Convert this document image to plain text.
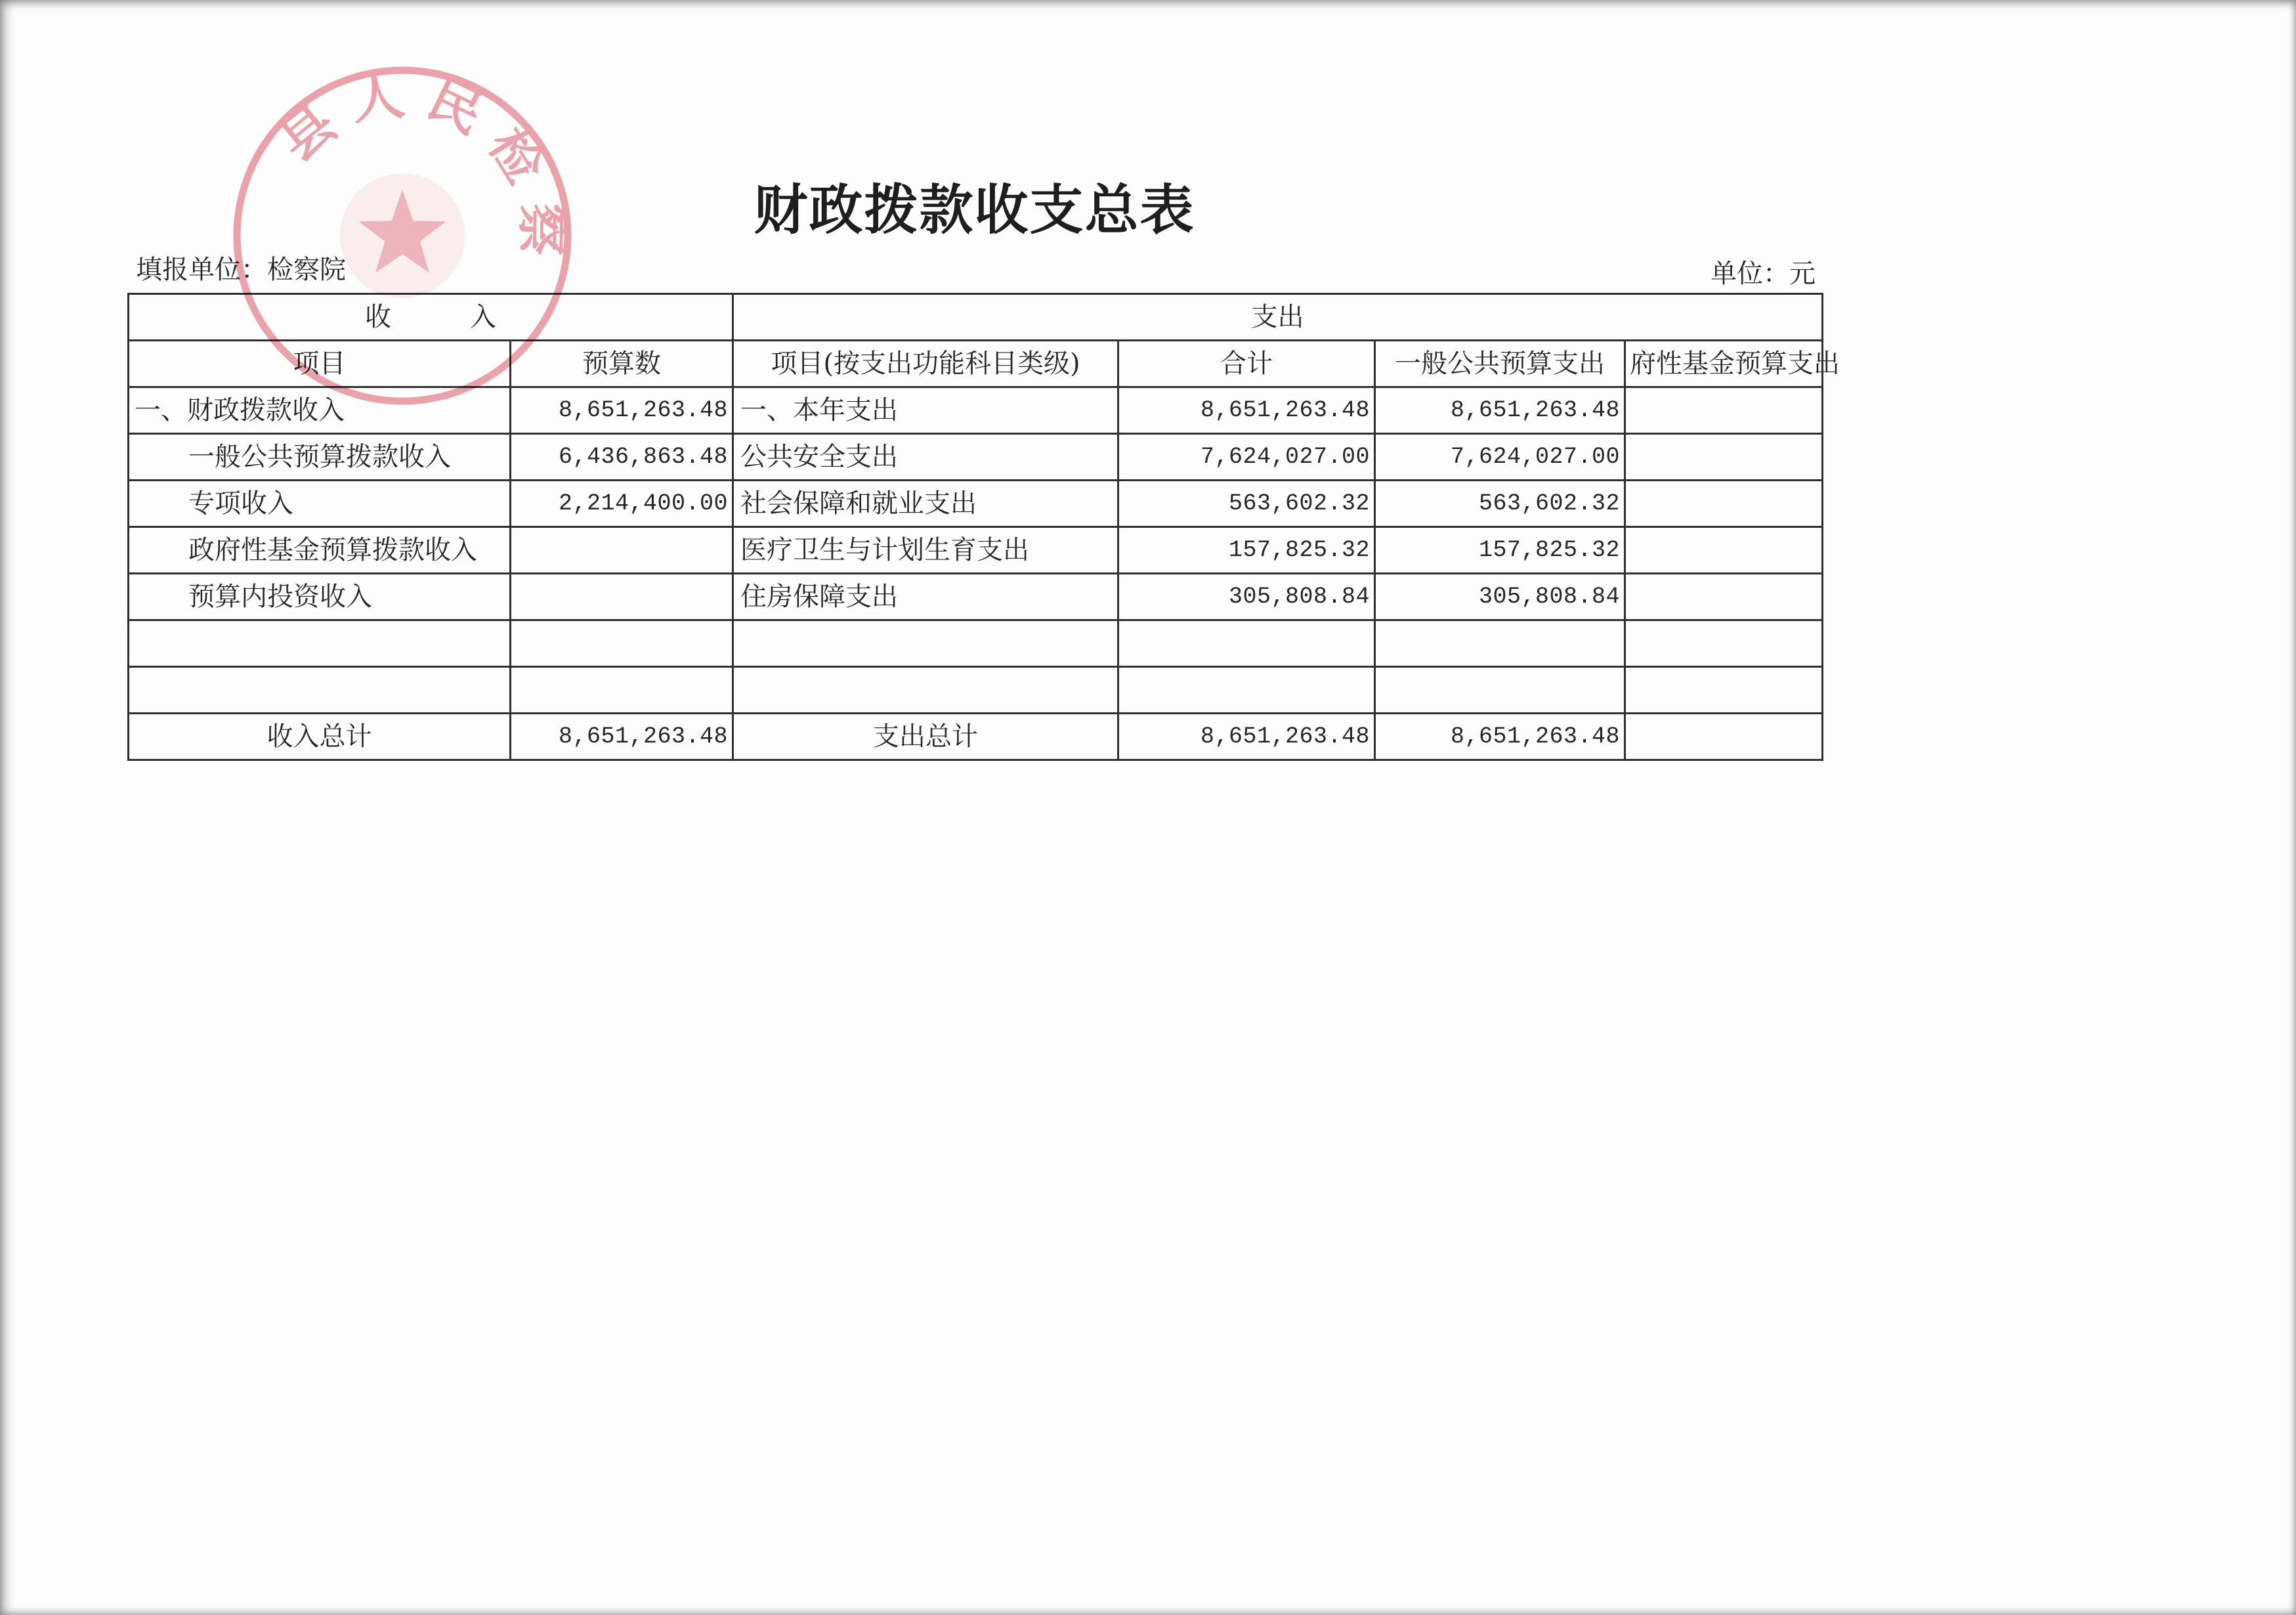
财政拨款收支总表
填报单位：检察院	单位：元
收　　　入		支出			
项目	预算数	项目(按支出功能科目类级)	合计	一般公共预算支出	府性基金预算支出
一、财政拨款收入	8,651,263.48	一、本年支出	8,651,263.48	8,651,263.48	
一般公共预算拨款收入	6,436,863.48	公共安全支出	7,624,027.00	7,624,027.00	
专项收入	2,214,400.00	社会保障和就业支出	563,602.32	563,602.32	
政府性基金预算拨款收入		医疗卫生与计划生育支出	157,825.32	157,825.32	
预算内投资收入		住房保障支出	305,808.84	305,808.84	

收入总计	8,651,263.48	支出总计	8,651,263.48	8,651,263.48	
县人民检察
